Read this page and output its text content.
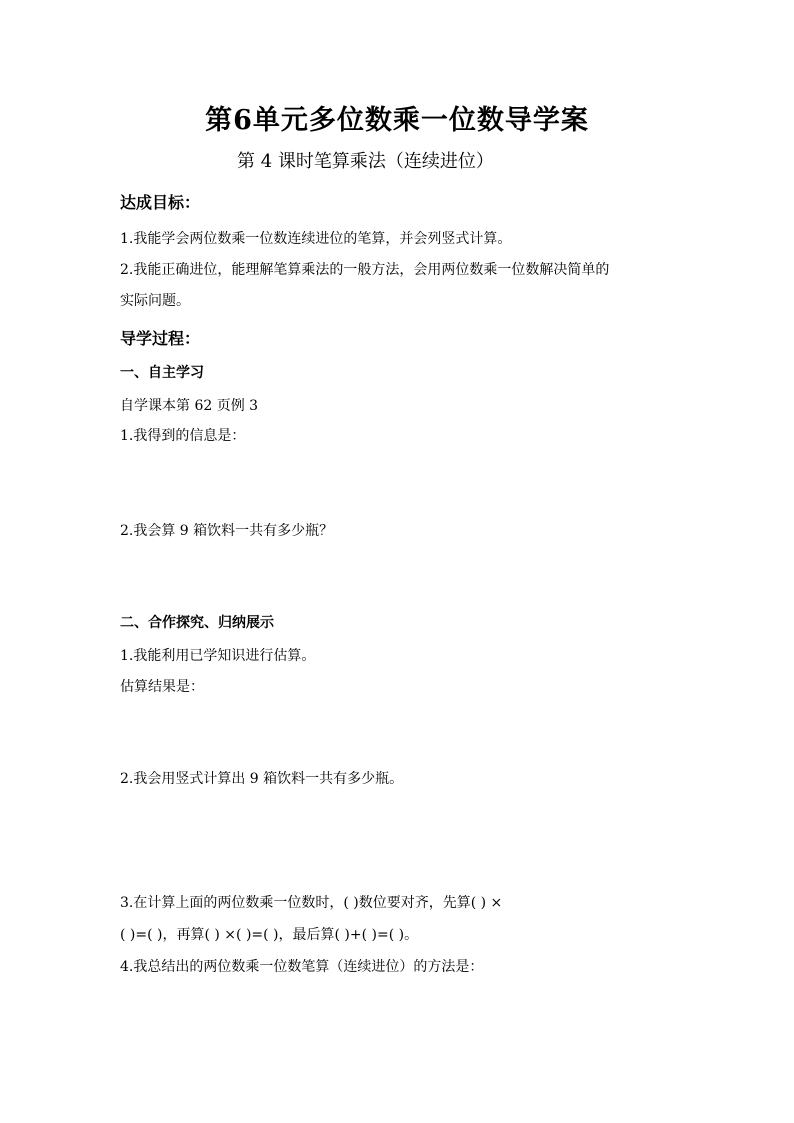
第6单元多位数乘一位数导学案
第 4 课时笔算乘法（连续进位）
达成目标：
1.我能学会两位数乘一位数连续进位的笔算，并会列竖式计算。
2.我能正确进位，能理解笔算乘法的一般方法，会用两位数乘一位数解决简单的
实际问题。
导学过程：
一、自主学习
自学课本第 62 页例 3
1.我得到的信息是：
2.我会算 9 箱饮料一共有多少瓶？
二、合作探究、归纳展示
1.我能利用已学知识进行估算。
估算结果是：
2.我会用竖式计算出 9 箱饮料一共有多少瓶。
3.在计算上面的两位数乘一位数时，( )数位要对齐，先算( ) ×
( )=( )，再算( ) ×( )=( )，最后算( )+( )=( )。
4.我总结出的两位数乘一位数笔算（连续进位）的方法是：
